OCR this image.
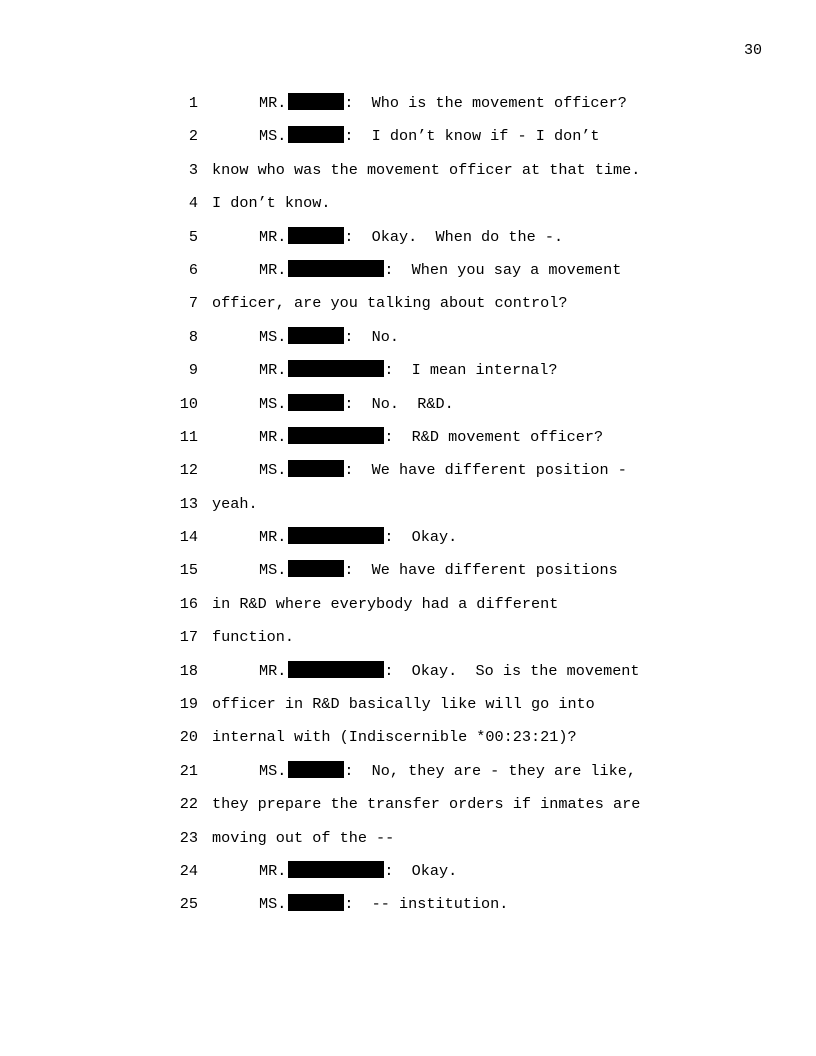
30
1	MR.	:  Who is the movement officer?
2	MS.	:  I don’t know if - I don’t
3 know who was the movement officer at that time.
4 I don’t know.
5	MR.	:  Okay.  When do the -.
6	MR.	:  When you say a movement
7 officer, are you talking about control?
8	MS.	:  No.
9	MR.	:  I mean internal?
10	MS.	:  No.  R&D.
11	MR.	:  R&D movement officer?
12	MS.	:  We have different position -
13 yeah.
14	MR.	:  Okay.
15	MS.	:  We have different positions
16 in R&D where everybody had a different
17 function.
18	MR.	:  Okay.  So is the movement
19 officer in R&D basically like will go into
20 internal with (Indiscernible *00:23:21)?
21	MS.	:  No, they are - they are like,
22 they prepare the transfer orders if inmates are
23 moving out of the --
24	MR.	:  Okay.
25	MS.	:  -- institution.
